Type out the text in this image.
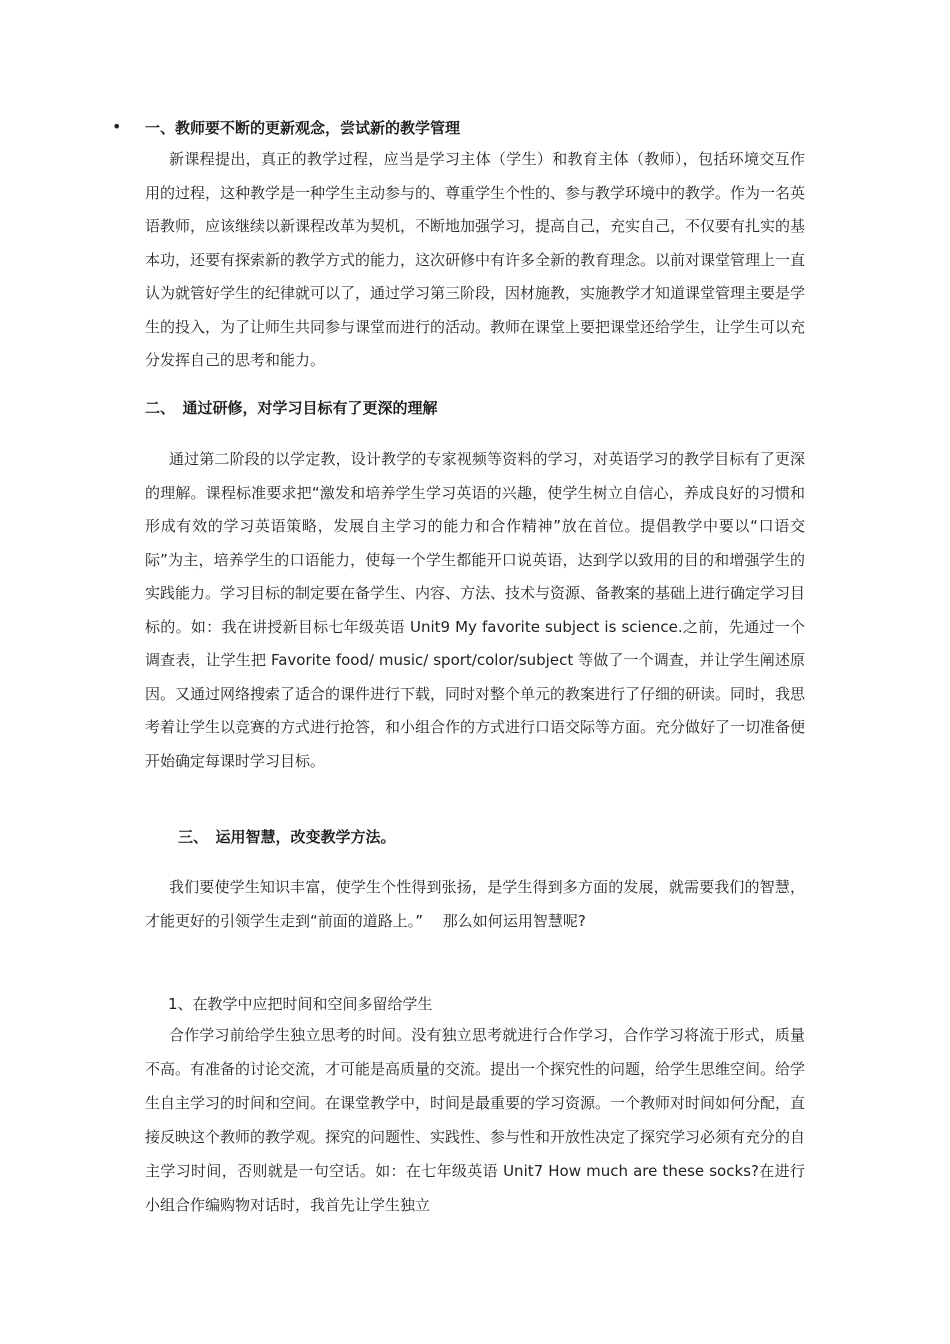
• 一、教师要不断的更新观念，尝试新的教学管理
新课程提出，真正的教学过程，应当是学习主体（学生）和教育主体（教师），包括环境交互作用的过程，这种教学是一种学生主动参与的、尊重学生个性的、参与教学环境中的教学。作为一名英语教师，应该继续以新课程改革为契机，不断地加强学习，提高自己，充实自己，不仅要有扎实的基本功，还要有探索新的教学方式的能力，这次研修中有许多全新的教育理念。以前对课堂管理上一直认为就管好学生的纪律就可以了，通过学习第三阶段，因材施教，实施教学才知道课堂管理主要是学生的投入，为了让师生共同参与课堂而进行的活动。教师在课堂上要把课堂还给学生，让学生可以充分发挥自己的思考和能力。
二、　通过研修，对学习目标有了更深的理解
通过第二阶段的以学定教，设计教学的专家视频等资料的学习，对英语学习的教学目标有了更深的理解。课程标准要求把“激发和培养学生学习英语的兴趣，使学生树立自信心，养成良好的习惯和形成有效的学习英语策略，发展自主学习的能力和合作精神”放在首位。提倡教学中要以“口语交际”为主，培养学生的口语能力，使每一个学生都能开口说英语，达到学以致用的目的和增强学生的实践能力。学习目标的制定要在备学生、内容、方法、技术与资源、备教案的基础上进行确定学习目标的。如：我在讲授新目标七年级英语 Unit9 My favorite subject is science.之前，先通过一个调查表，让学生把 Favorite food/ music/ sport/color/subject 等做了一个调查，并让学生阐述原因。又通过网络搜索了适合的课件进行下载，同时对整个单元的教案进行了仔细的研读。同时，我思考着让学生以竞赛的方式进行抢答，和小组合作的方式进行口语交际等方面。充分做好了一切准备便开始确定每课时学习目标。
三、　运用智慧，改变教学方法。
我们要使学生知识丰富，使学生个性得到张扬，是学生得到多方面的发展，就需要我们的智慧，才能更好的引领学生走到“前面的道路上。”　 那么如何运用智慧呢?
1、在教学中应把时间和空间多留给学生
合作学习前给学生独立思考的时间。没有独立思考就进行合作学习，合作学习将流于形式，质量不高。有准备的讨论交流，才可能是高质量的交流。提出一个探究性的问题，给学生思维空间。给学生自主学习的时间和空间。在课堂教学中，时间是最重要的学习资源。一个教师对时间如何分配，直接反映这个教师的教学观。探究的问题性、实践性、参与性和开放性决定了探究学习必须有充分的自主学习时间，否则就是一句空话。如：在七年级英语 Unit7 How much are these socks?在进行小组合作编购物对话时，我首先让学生独立
